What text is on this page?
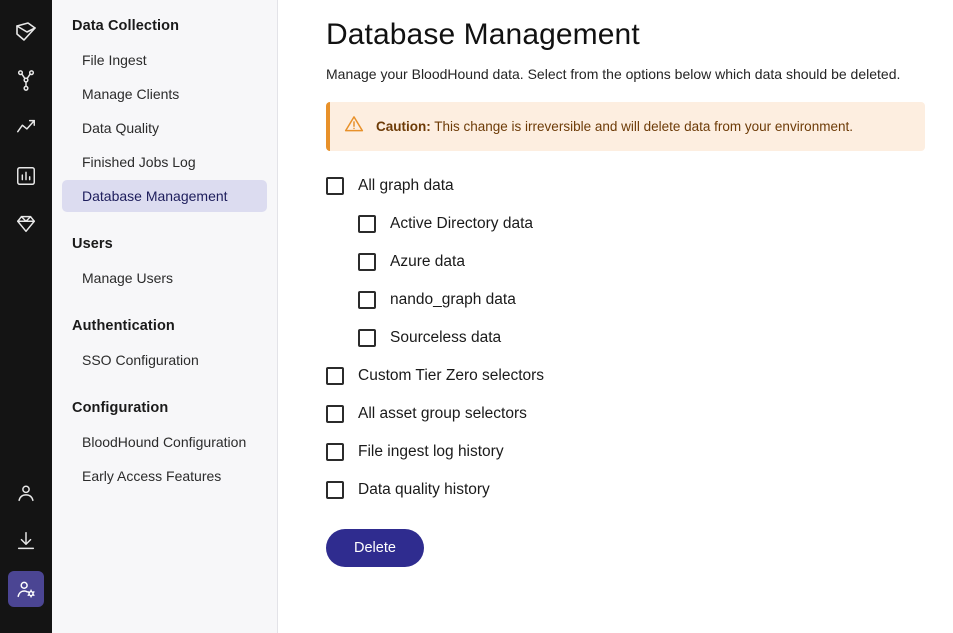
Data Collection
File Ingest
Manage Clients
Data Quality
Finished Jobs Log
Database Management
Users
Manage Users
Authentication
SSO Configuration
Configuration
BloodHound Configuration
Early Access Features
Database Management

Manage your BloodHound data. Select from the options below which data should be deleted.

Caution: This change is irreversible and will delete data from your environment.
All graph data
Active Directory data
Azure data
nando_graph data
Sourceless data
Custom Tier Zero selectors
All asset group selectors
File ingest log history
Data quality history
Delete
